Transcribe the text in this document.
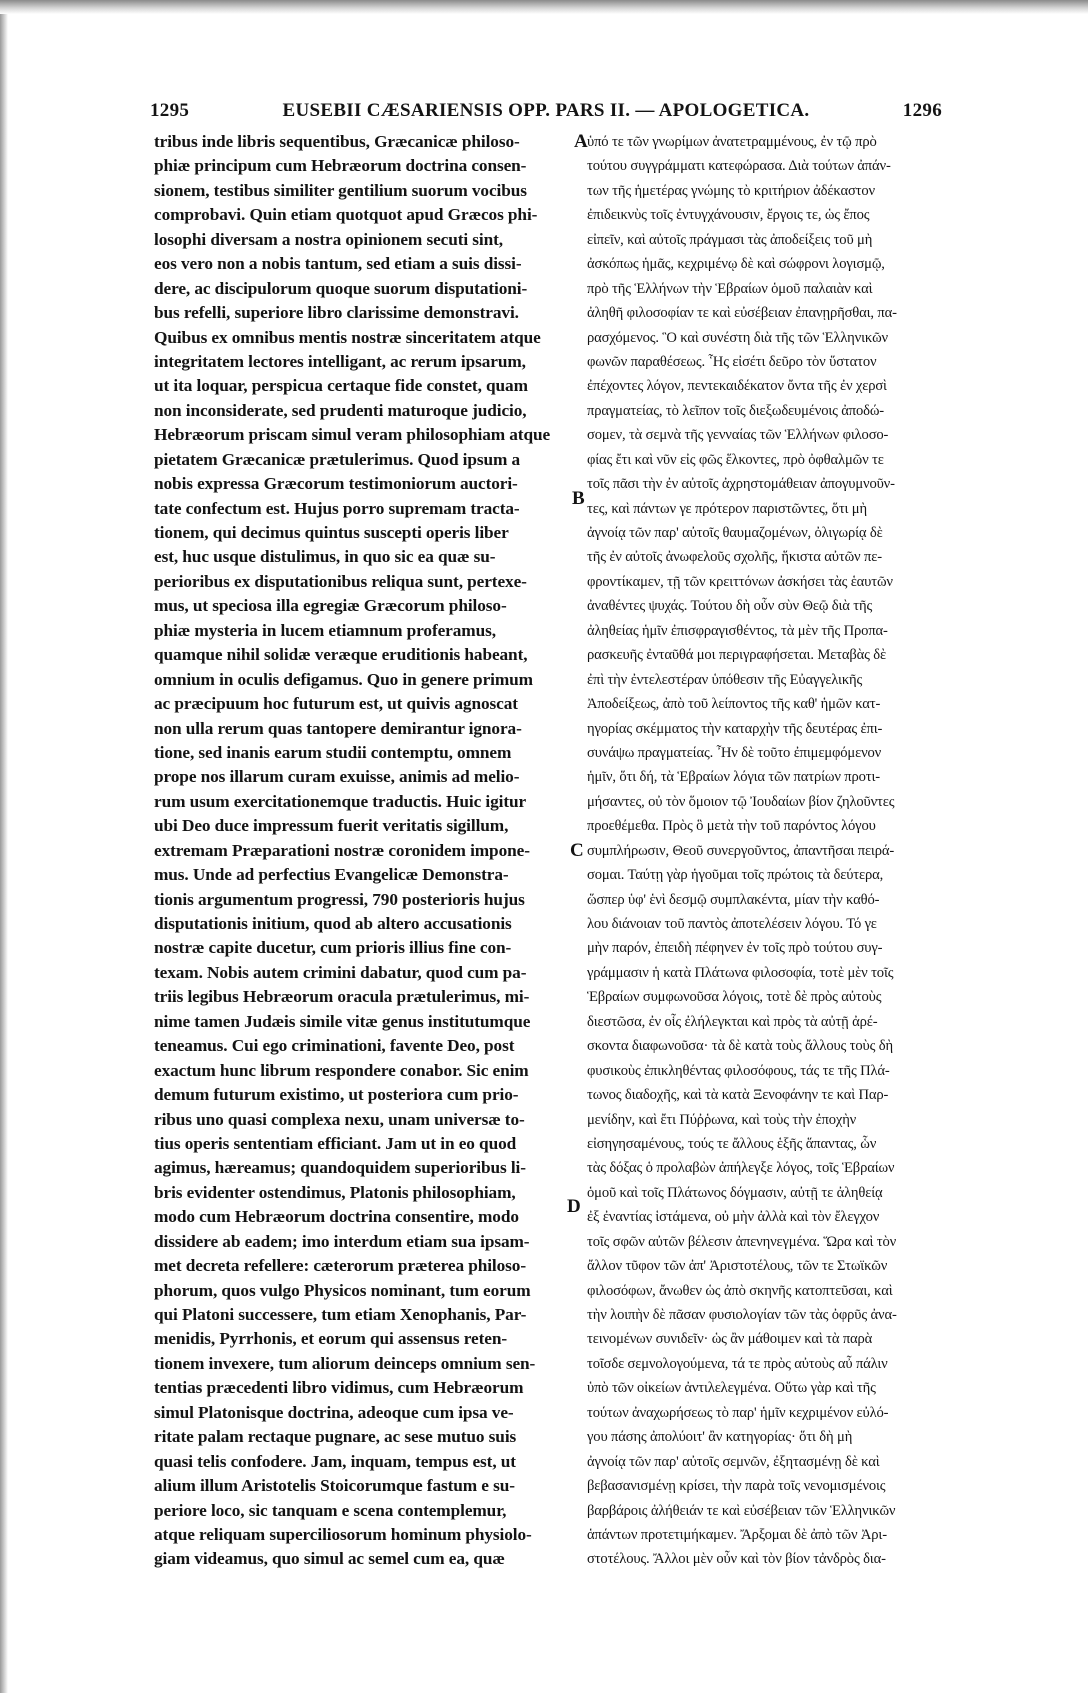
1295	EUSEBII CÆSARIENSIS OPP. PARS II. — APOLOGETICA.	1296
A
B
C
D
tribus inde libris sequentibus, Græcanicæ philoso-
phiæ principum cum Hebræorum doctrina consen-
sionem, testibus similiter gentilium suorum vocibus
comprobavi. Quin etiam quotquot apud Græcos phi-
losophi diversam a nostra opinionem secuti sint,
eos vero non a nobis tantum, sed etiam a suis dissi-
dere, ac discipulorum quoque suorum disputationi-
bus refelli, superiore libro clarissime demonstravi.
Quibus ex omnibus mentis nostræ sinceritatem atque
integritatem lectores intelligant, ac rerum ipsarum,
ut ita loquar, perspicua certaque fide constet, quam
non inconsiderate, sed prudenti maturoque judicio,
Hebræorum priscam simul veram philosophiam atque
pietatem Græcanicæ prætulerimus. Quod ipsum a
nobis expressa Græcorum testimoniorum auctori-
tate confectum est. Hujus porro supremam tracta-
tionem, qui decimus quintus suscepti operis liber
est, huc usque distulimus, in quo sic ea quæ su-
perioribus ex disputationibus reliqua sunt, pertexe-
mus, ut speciosa illa egregiæ Græcorum philoso-
phiæ mysteria in lucem etiamnum proferamus,
quamque nihil solidæ veræque eruditionis habeant,
omnium in oculis defigamus. Quo in genere primum
ac præcipuum hoc futurum est, ut quivis agnoscat
non ulla rerum quas tantopere demirantur ignora-
tione, sed inanis earum studii contemptu, omnem
prope nos illarum curam exuisse, animis ad melio-
rum usum exercitationemque traductis. Huic igitur
ubi Deo duce impressum fuerit veritatis sigillum,
extremam Præparationi nostræ coronidem impone-
mus. Unde ad perfectius Evangelicæ Demonstra-
tionis argumentum progressi, 790 posterioris hujus
disputationis initium, quod ab altero accusationis
nostræ capite ducetur, cum prioris illius fine con-
texam. Nobis autem crimini dabatur, quod cum pa-
triis legibus Hebræorum oracula prætulerimus, mi-
nime tamen Judæis simile vitæ genus institutumque
teneamus. Cui ego criminationi, favente Deo, post
exactum hunc librum respondere conabor. Sic enim
demum futurum existimo, ut posteriora cum prio-
ribus uno quasi complexa nexu, unam universæ to-
tius operis sententiam efficiant. Jam ut in eo quod
agimus, hæreamus; quandoquidem superioribus li-
bris evidenter ostendimus, Platonis philosophiam,
modo cum Hebræorum doctrina consentire, modo
dissidere ab eadem; imo interdum etiam sua ipsam-
met decreta refellere: cæterorum præterea philoso-
phorum, quos vulgo Physicos nominant, tum eorum
qui Platoni successere, tum etiam Xenophanis, Par-
menidis, Pyrrhonis, et eorum qui assensus reten-
tionem invexere, tum aliorum deinceps omnium sen-
tentias præcedenti libro vidimus, cum Hebræorum
simul Platonisque doctrina, adeoque cum ipsa ve-
ritate palam rectaque pugnare, ac sese mutuo suis
quasi telis confodere. Jam, inquam, tempus est, ut
alium illum Aristotelis Stoicorumque fastum e su-
periore loco, sic tanquam e scena contemplemur,
atque reliquam superciliosorum hominum physiolo-
giam videamus, quo simul ac semel cum ea, quæ
ὑπό τε τῶν γνωρίμων ἀνατετραμμένους, ἐν τῷ πρὸ
τούτου συγγράμματι κατεφώρασα. Διὰ τούτων ἀπάν-
των τῆς ἡμετέρας γνώμης τὸ κριτήριον ἀδέκαστον
ἐπιδεικνὺς τοῖς ἐντυγχάνουσιν, ἔργοις τε, ὡς ἔπος
εἰπεῖν, καὶ αὐτοῖς πράγμασι τὰς ἀποδείξεις τοῦ μὴ
ἀσκόπως ἡμᾶς, κεχριμένῳ δὲ καὶ σώφρονι λογισμῷ,
πρὸ τῆς Ἑλλήνων τὴν Ἑβραίων ὁμοῦ παλαιὰν καὶ
ἀληθῆ φιλοσοφίαν τε καὶ εὐσέβειαν ἐπανῃρῆσθαι, πα-
ρασχόμενος. Ὃ καὶ συνέστη διὰ τῆς τῶν Ἑλληνικῶν
φωνῶν παραθέσεως. Ἧς εἰσέτι δεῦρο τὸν ὕστατον
ἐπέχοντες λόγον, πεντεκαιδέκατον ὄντα τῆς ἐν χερσὶ
πραγματείας, τὸ λεῖπον τοῖς διεξωδευμένοις ἀποδώ-
σομεν, τὰ σεμνὰ τῆς γενναίας τῶν Ἑλλήνων φιλοσο-
φίας ἔτι καὶ νῦν εἰς φῶς ἕλκοντες, πρὸ ὀφθαλμῶν τε
τοῖς πᾶσι τὴν ἐν αὐτοῖς ἀχρηστομάθειαν ἀπογυμνοῦν-
τες, καὶ πάντων γε πρότερον παριστῶντες, ὅτι μὴ
ἀγνοίᾳ τῶν παρ' αὐτοῖς θαυμαζομένων, ὀλιγωρίᾳ δὲ
τῆς ἐν αὐτοῖς ἀνωφελοῦς σχολῆς, ἥκιστα αὐτῶν πε-
φροντίκαμεν, τῇ τῶν κρειττόνων ἀσκήσει τὰς ἑαυτῶν
ἀναθέντες ψυχάς. Τούτου δὴ οὖν σὺν Θεῷ διὰ τῆς
ἀληθείας ἡμῖν ἐπισφραγισθέντος, τὰ μὲν τῆς Προπα-
ρασκευῆς ἐνταῦθά μοι περιγραφήσεται. Μεταβὰς δὲ
ἐπὶ τὴν ἐντελεστέραν ὑπόθεσιν τῆς Εὐαγγελικῆς
Ἀποδείξεως, ἀπὸ τοῦ λείποντος τῆς καθ' ἡμῶν κατ-
ηγορίας σκέμματος τὴν καταρχὴν τῆς δευτέρας ἐπι-
συνάψω πραγματείας. Ἦν δὲ τοῦτο ἐπιμεμφόμενον
ἡμῖν, ὅτι δή, τὰ Ἑβραίων λόγια τῶν πατρίων προτι-
μήσαντες, οὐ τὸν ὅμοιον τῷ Ἰουδαίων βίον ζηλοῦντες
προεθέμεθα. Πρὸς ὃ μετὰ τὴν τοῦ παρόντος λόγου
συμπλήρωσιν, Θεοῦ συνεργοῦντος, ἀπαντῆσαι πειρά-
σομαι. Ταύτῃ γὰρ ἡγοῦμαι τοῖς πρώτοις τὰ δεύτερα,
ὥσπερ ὑφ' ἑνὶ δεσμῷ συμπλακέντα, μίαν τὴν καθό-
λου διάνοιαν τοῦ παντὸς ἀποτελέσειν λόγου. Τό γε
μὴν παρόν, ἐπειδὴ πέφηνεν ἐν τοῖς πρὸ τούτου συγ-
γράμμασιν ἡ κατὰ Πλάτωνα φιλοσοφία, τοτὲ μὲν τοῖς
Ἑβραίων συμφωνοῦσα λόγοις, τοτὲ δὲ πρὸς αὐτοὺς
διεστῶσα, ἐν οἷς ἐλήλεγκται καὶ πρὸς τὰ αὐτῇ ἀρέ-
σκοντα διαφωνοῦσα· τὰ δὲ κατὰ τοὺς ἄλλους τοὺς δὴ
φυσικοὺς ἐπικληθέντας φιλοσόφους, τάς τε τῆς Πλά-
τωνος διαδοχῆς, καὶ τὰ κατὰ Ξενοφάνην τε καὶ Παρ-
μενίδην, καὶ ἔτι Πύῤῥωνα, καὶ τοὺς τὴν ἐποχὴν
εἰσηγησαμένους, τούς τε ἄλλους ἑξῆς ἅπαντας, ὧν
τὰς δόξας ὁ προλαβὼν ἀπήλεγξε λόγος, τοῖς Ἑβραίων
ὁμοῦ καὶ τοῖς Πλάτωνος δόγμασιν, αὐτῇ τε ἀληθείᾳ
ἐξ ἐναντίας ἱστάμενα, οὐ μὴν ἀλλὰ καὶ τὸν ἔλεγχον
τοῖς σφῶν αὐτῶν βέλεσιν ἀπενηνεγμένα. Ὥρα καὶ τὸν
ἄλλον τῦφον τῶν ἀπ' Ἀριστοτέλους, τῶν τε Στωϊκῶν
φιλοσόφων, ἄνωθεν ὡς ἀπὸ σκηνῆς κατοπτεῦσαι, καὶ
τὴν λοιπὴν δὲ πᾶσαν φυσιολογίαν τῶν τὰς ὀφρῦς ἀνα-
τεινομένων συνιδεῖν· ὡς ἂν μάθοιμεν καὶ τὰ παρὰ
τοῖσδε σεμνολογούμενα, τά τε πρὸς αὐτοὺς αὖ πάλιν
ὑπὸ τῶν οἰκείων ἀντιλελεγμένα. Οὕτω γὰρ καὶ τῆς
τούτων ἀναχωρήσεως τὸ παρ' ἡμῖν κεχριμένον εὐλό-
γου πάσης ἀπολύοιτ' ἂν κατηγορίας· ὅτι δὴ μὴ
ἀγνοίᾳ τῶν παρ' αὐτοῖς σεμνῶν, ἐξητασμένῃ δὲ καὶ
βεβασανισμένῃ κρίσει, τὴν παρὰ τοῖς νενομισμένοις
βαρβάροις ἀλήθειάν τε καὶ εὐσέβειαν τῶν Ἑλληνικῶν
ἁπάντων προτετιμήκαμεν. Ἄρξομαι δὲ ἀπὸ τῶν Ἀρι-
στοτέλους. Ἄλλοι μὲν οὖν καὶ τὸν βίον τἀνδρὸς δια-
